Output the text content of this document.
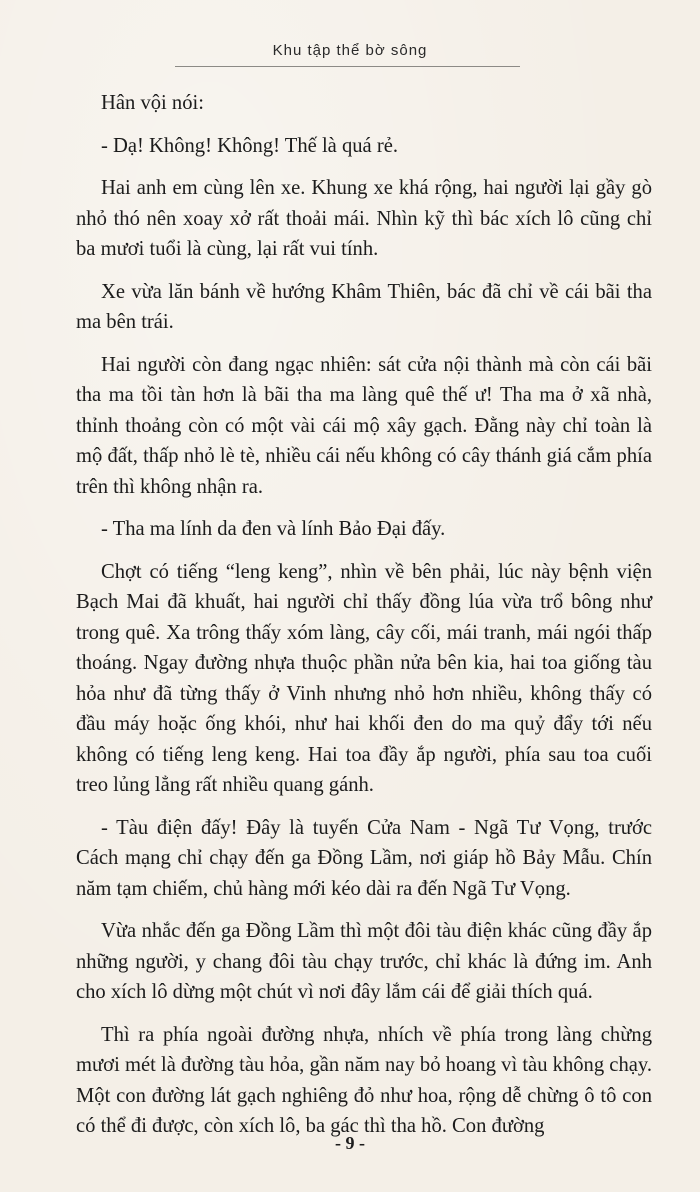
Khu tập thể bờ sông

Hân vội nói:

- Dạ! Không! Không! Thế là quá rẻ.

Hai anh em cùng lên xe. Khung xe khá rộng, hai người lại gầy gò nhỏ thó nên xoay xở rất thoải mái. Nhìn kỹ thì bác xích lô cũng chỉ ba mươi tuổi là cùng, lại rất vui tính.

Xe vừa lăn bánh về hướng Khâm Thiên, bác đã chỉ về cái bãi tha ma bên trái.

Hai người còn đang ngạc nhiên: sát cửa nội thành mà còn cái bãi tha ma tồi tàn hơn là bãi tha ma làng quê thế ư! Tha ma ở xã nhà, thỉnh thoảng còn có một vài cái mộ xây gạch. Đằng này chỉ toàn là mộ đất, thấp nhỏ lè tè, nhiều cái nếu không có cây thánh giá cắm phía trên thì không nhận ra.

- Tha ma lính da đen và lính Bảo Đại đấy.

Chợt có tiếng “leng keng”, nhìn về bên phải, lúc này bệnh viện Bạch Mai đã khuất, hai người chỉ thấy đồng lúa vừa trổ bông như trong quê. Xa trông thấy xóm làng, cây cối, mái tranh, mái ngói thấp thoáng. Ngay đường nhựa thuộc phần nửa bên kia, hai toa giống tàu hỏa như đã từng thấy ở Vinh nhưng nhỏ hơn nhiều, không thấy có đầu máy hoặc ống khói, như hai khối đen do ma quỷ đẩy tới nếu không có tiếng leng keng. Hai toa đầy ắp người, phía sau toa cuối treo lủng lẳng rất nhiều quang gánh.

- Tàu điện đấy! Đây là tuyến Cửa Nam - Ngã Tư Vọng, trước Cách mạng chỉ chạy đến ga Đồng Lầm, nơi giáp hồ Bảy Mẫu. Chín năm tạm chiếm, chủ hàng mới kéo dài ra đến Ngã Tư Vọng.

Vừa nhắc đến ga Đồng Lầm thì một đôi tàu điện khác cũng đầy ắp những người, y chang đôi tàu chạy trước, chỉ khác là đứng im. Anh cho xích lô dừng một chút vì nơi đây lắm cái để giải thích quá.

Thì ra phía ngoài đường nhựa, nhích về phía trong làng chừng mươi mét là đường tàu hỏa, gần năm nay bỏ hoang vì tàu không chạy. Một con đường lát gạch nghiêng đỏ như hoa, rộng dễ chừng ô tô con có thể đi được, còn xích lô, ba gác thì tha hồ. Con đường

- 9 -
